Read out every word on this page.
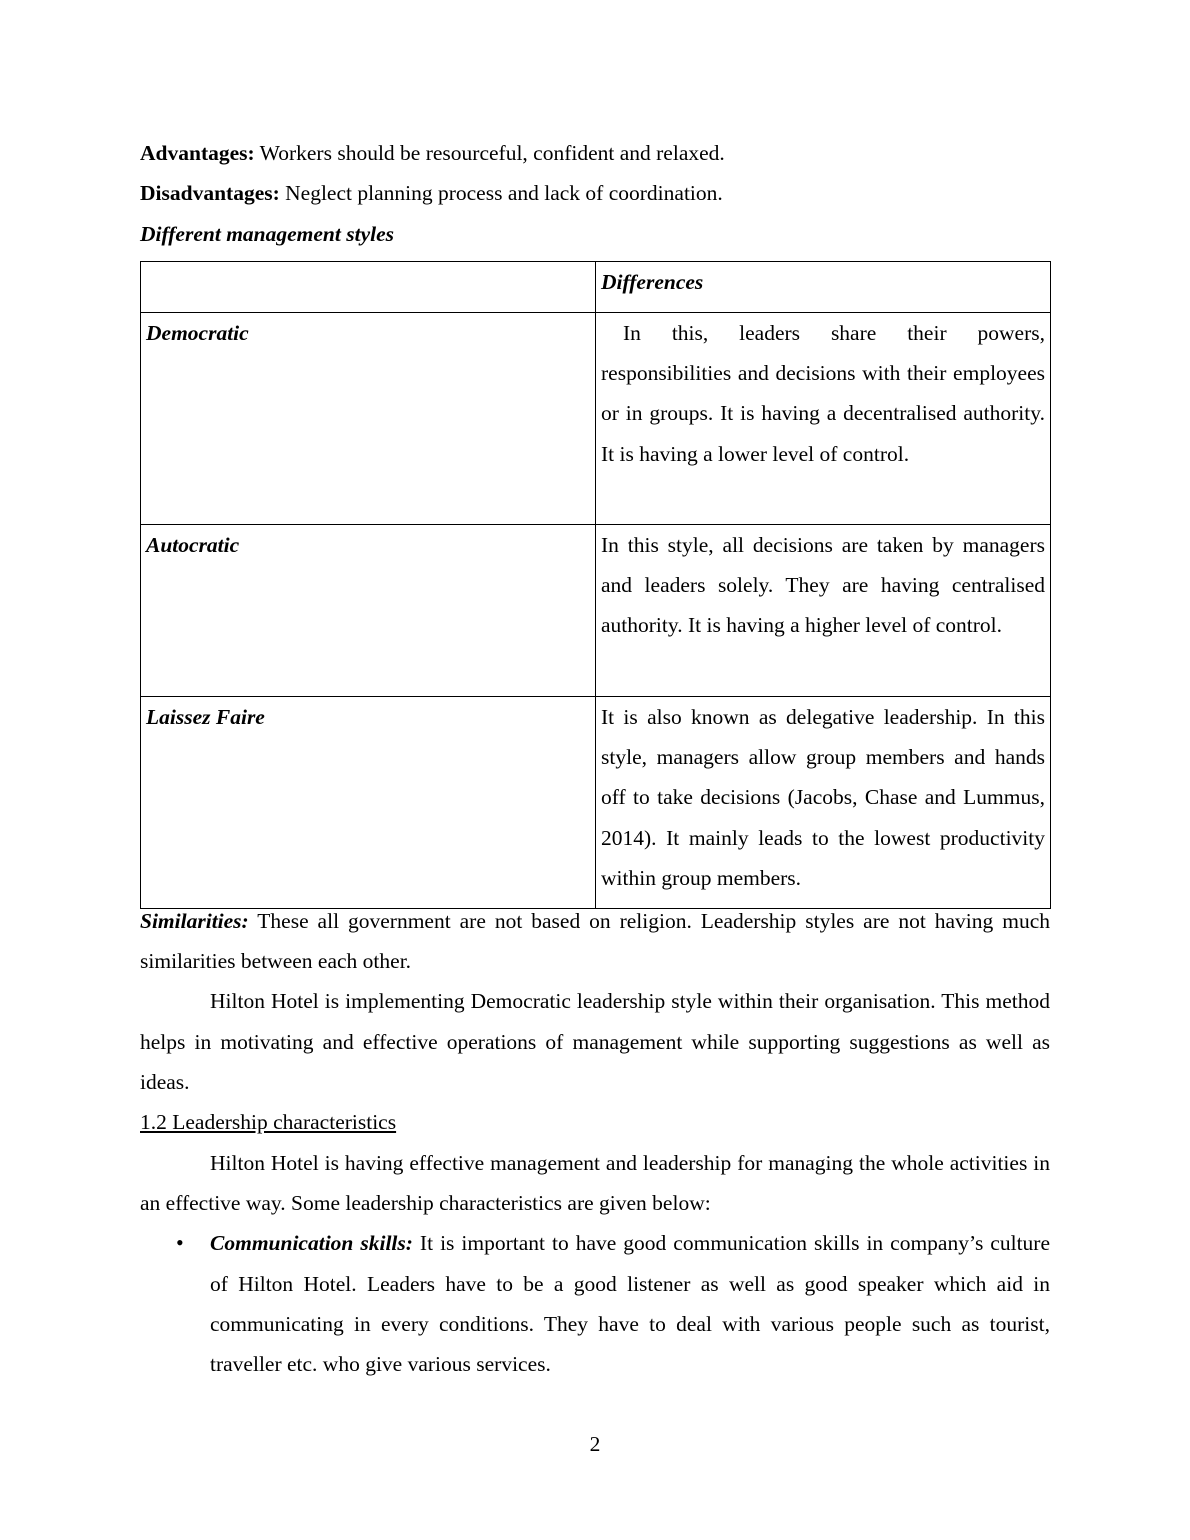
Advantages: Workers should be resourceful, confident and relaxed.

Disadvantages: Neglect planning process and lack of coordination.

Different management styles

	Differences
Democratic	In this, leaders share their powers, responsibilities and decisions with their employees or in groups. It is having a decentralised authority. It is having a lower level of control.
Autocratic	In this style, all decisions are taken by managers and leaders solely. They are having centralised authority. It is having a higher level of control.
Laissez Faire	It is also known as delegative leadership. In this style, managers allow group members and hands off to take decisions (Jacobs, Chase and Lummus, 2014). It mainly leads to the lowest productivity within group members.

Similarities: These all government are not based on religion. Leadership styles are not having much similarities between each other.

Hilton Hotel is implementing Democratic leadership style within their organisation. This method helps in motivating and effective operations of management while supporting suggestions as well as ideas.

1.2 Leadership characteristics

Hilton Hotel is having effective management and leadership for managing the whole activities in an effective way. Some leadership characteristics are given below:

• Communication skills: It is important to have good communication skills in company’s culture of Hilton Hotel. Leaders have to be a good listener as well as good speaker which aid in communicating in every conditions. They have to deal with various people such as tourist, traveller etc. who give various services.
2
